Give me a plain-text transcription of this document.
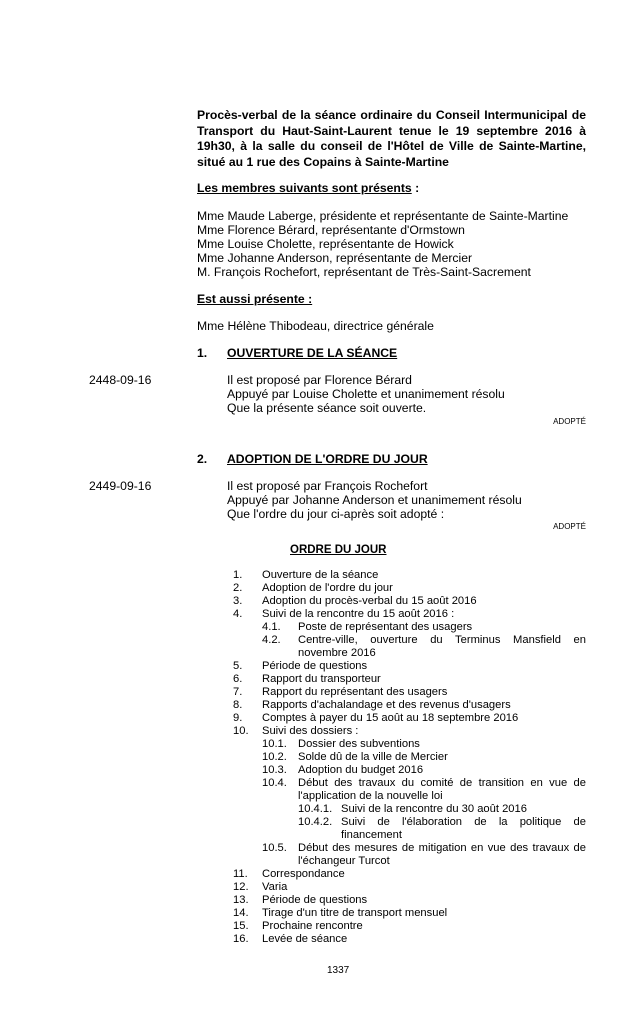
Procès-verbal de la séance ordinaire du Conseil Intermunicipal de Transport du Haut-Saint-Laurent tenue le 19 septembre 2016 à 19h30, à la salle du conseil de l'Hôtel de Ville de Sainte-Martine, situé au 1 rue des Copains à Sainte-Martine
Les membres suivants sont présents :
Mme Maude Laberge, présidente et représentante de Sainte-Martine
Mme Florence Bérard, représentante d'Ormstown
Mme Louise Cholette, représentante de Howick
Mme Johanne Anderson, représentante de Mercier
M. François Rochefort, représentant de Très-Saint-Sacrement
Est aussi présente :
Mme Hélène Thibodeau, directrice générale
1. OUVERTURE DE LA SÉANCE
2448-09-16	Il est proposé par Florence Bérard
Appuyé par Louise Cholette et unanimement résolu
Que la présente séance soit ouverte.
ADOPTÉ
2. ADOPTION DE L'ORDRE DU JOUR
2449-09-16	Il est proposé par François Rochefort
Appuyé par Johanne Anderson et unanimement résolu
Que l'ordre du jour ci-après soit adopté :
ADOPTÉ
ORDRE DU JOUR
1.	Ouverture de la séance
2.	Adoption de l'ordre du jour
3.	Adoption du procès-verbal du 15 août 2016
4.	Suivi de la rencontre du 15 août 2016 :
4.1.	Poste de représentant des usagers
4.2.	Centre-ville, ouverture du Terminus Mansfield en novembre 2016
5.	Période de questions
6.	Rapport du transporteur
7.	Rapport du représentant des usagers
8.	Rapports d'achalandage et des revenus d'usagers
9.	Comptes à payer du 15 août au 18 septembre 2016
10.	Suivi des dossiers :
10.1. Dossier des subventions
10.2. Solde dû de la ville de Mercier
10.3. Adoption du budget 2016
10.4. Début des travaux du comité de transition en vue de l'application de la nouvelle loi
10.4.1. Suivi de la rencontre du 30 août 2016
10.4.2. Suivi de l'élaboration de la politique de financement
10.5. Début des mesures de mitigation en vue des travaux de l'échangeur Turcot
11.	Correspondance
12.	Varia
13.	Période de questions
14.	Tirage d'un titre de transport mensuel
15.	Prochaine rencontre
16.	Levée de séance
1337
